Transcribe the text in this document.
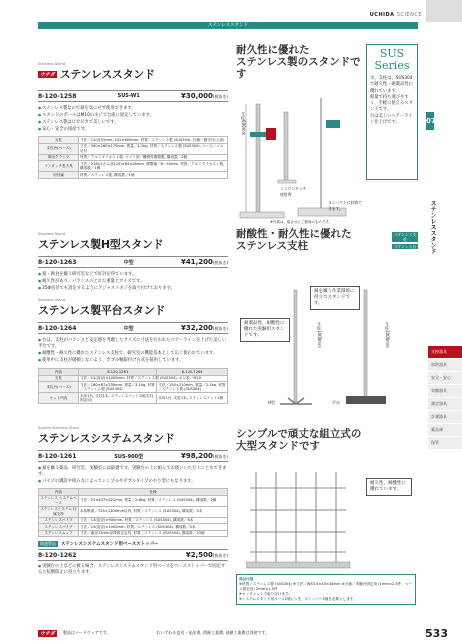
UCHIDA SCIENCE
ステンレススタンド
Stainless Stand
ウチダ ステンレススタンド
8-120-1258	SUS-W1	¥30,000(税抜き)
● ステンレス製なので錆を気にせず使用できます。
● スタンドのポールはM10のネジで台座に固定しています。
● ステンレス製はピカピカで美しいです。
● 安心・安全の国産です。
支柱	寸法／12(直径)mm, 142×600mm, 材質／ステンレス製 (SUS304), 仕様／継手付(上部)
支柱台(ベース)	寸法／340×260×175mm, 質量／1.2kg, 材質／ステンレス製 (SUS304), ベース／ゴム足付
萬用クランプ	材質／アルミダイカスト製, ツマミ部／難燃性樹脂製, 構成数／2個
ワンタッチ巻き具	寸法／218(はさみ部120)×84×28mm, 開閉幅／8〜55mm, 材質／アルミダイカスト製, 構成数／1個
同付属	材質／ステンレス製, 構成数／1個
耐久性に優れた
ステンレス製のスタンドです
SUS
Series
水、支柱は、SUS304で耐久性・耐薬品性に優れています。
限量で持ち運びやすく、手軽に使えるスタンドです。
台は美しいヘアーライン仕上げです。
支柱600mm
ミニワンタッチ使用例
ヨンパクトに収納できます。
※写真は、組合せにご使用のものです。
Stainless Stand
ステンレス製H型スタンド
8-120-1263	中型	¥41,200(税抜き)
● 錆・腐食を嫌う研究室などで好評を得ています。
● 耐久性があり、バランスのとれた重量とサイズです。
● 25Φ直径でも設定するようにアジャストネジを取り付けております。
Stainless Stand
ステンレス製平台スタンド
8-120-1264	中型	¥32,200(税抜き)
● 台は、支柱がバランスと安定感を考慮したサイズに寸法を行われたベアーラインを上げた美しい平台です。
● 耐酸性・耐久性に優れたステンレス支柱で、研究室の機能基本として広く使われています。
● 使用中に支柱が破損しないよう、ボブル軸取付け方式を採用しています。
内容	8-120-1263	8-120-1264
支柱	寸法／12(直径)×1000mm, 材質／ステンレス製 (SUS304), ネジ長／M10	
支柱台(ベース)	寸法／180×87×230mm, 質量／3.1kg, 材質／ステンレス製 (SUS304)	寸法／150×210mm, 質量／2.3kg, 材質／ステンレス製 (SUS304)
セット内容	本体1台, 支柱1本, ステンレスナット1個(支柱固定用)	本体1台, 支柱1本, ステンレスナット1個
耐酸性・耐久性に優れた
ステンレス支柱
ステンレス支柱
ステンレス台
錆を嫌う作業環境に役立つスタンドです。
耐薬品性、耐酸性に優れた実験用スタンドです。	支柱1000mm	支柱1000mm
H型	平台
System Stainless Stand
ステンレスシステムスタンド
8-120-1261	SUS-900型	¥98,200(税抜き)
● 錆を嫌う薬品、研究室、実験室には最適です。実験台の上に組んでお使いいただくこともできます。
● パイプの溝設や組み方によってシンプルやダブルタイプのやり型にもなります。
内容	仕様
ステンレス システムベース	寸法／25×437×321mm, 質量／2.6kg, 材質／ステンレス (SUS304), 構成数／2個
ステンレスシステム 付属支持	本体断面／725×1300mm以内, 材質／ステンレス (SUS304), 構成数／3本
ステンレスパイプ	寸法／13(直径)×900mm, 材質／ステンレス (SUS304), 構成数／6本
ステンレスパイプ	寸法／13(直径)×1000mm, 材質／ステンレス (SUS304), 構成数／5本
ステンレスムッフ	寸法／番径13mm径棒固定金具, 材質／ステンレス (SUS304), 構成数／23個
関連製品	ステンレスシステムスタンド用ベースストッパー
8-120-1262	¥2,500(税抜き)
● 実験台の上などに被る場合、ステンレスシステムスタンド用ベースをベースストッパーで固定すると転倒防止に役立ちます。
シンプルで頑丈な組立式の
大型スタンドです
耐久性、耐酸性に優れています。
商品仕様
※材質／ステンレス製 (SUS304) ※寸法／W53.5×40×34mm ※万値／実験台固定用 (1mm×2.5件、ベース固定用) 2mm×1.5件
※オンチャットで取り付けます。
※システムスタンド用ベース1個につき、ストッパー2個を必要とします。
07
ステンレススタンド
支持器具
加熱器具
安全・安心
実験器具
測定器具
計測器具
薬品庫
保管
ウチダ	製品はハードウェアです。	わいずれる直送・発品書, 図画工業費, 部値工業費は別途です。	533
